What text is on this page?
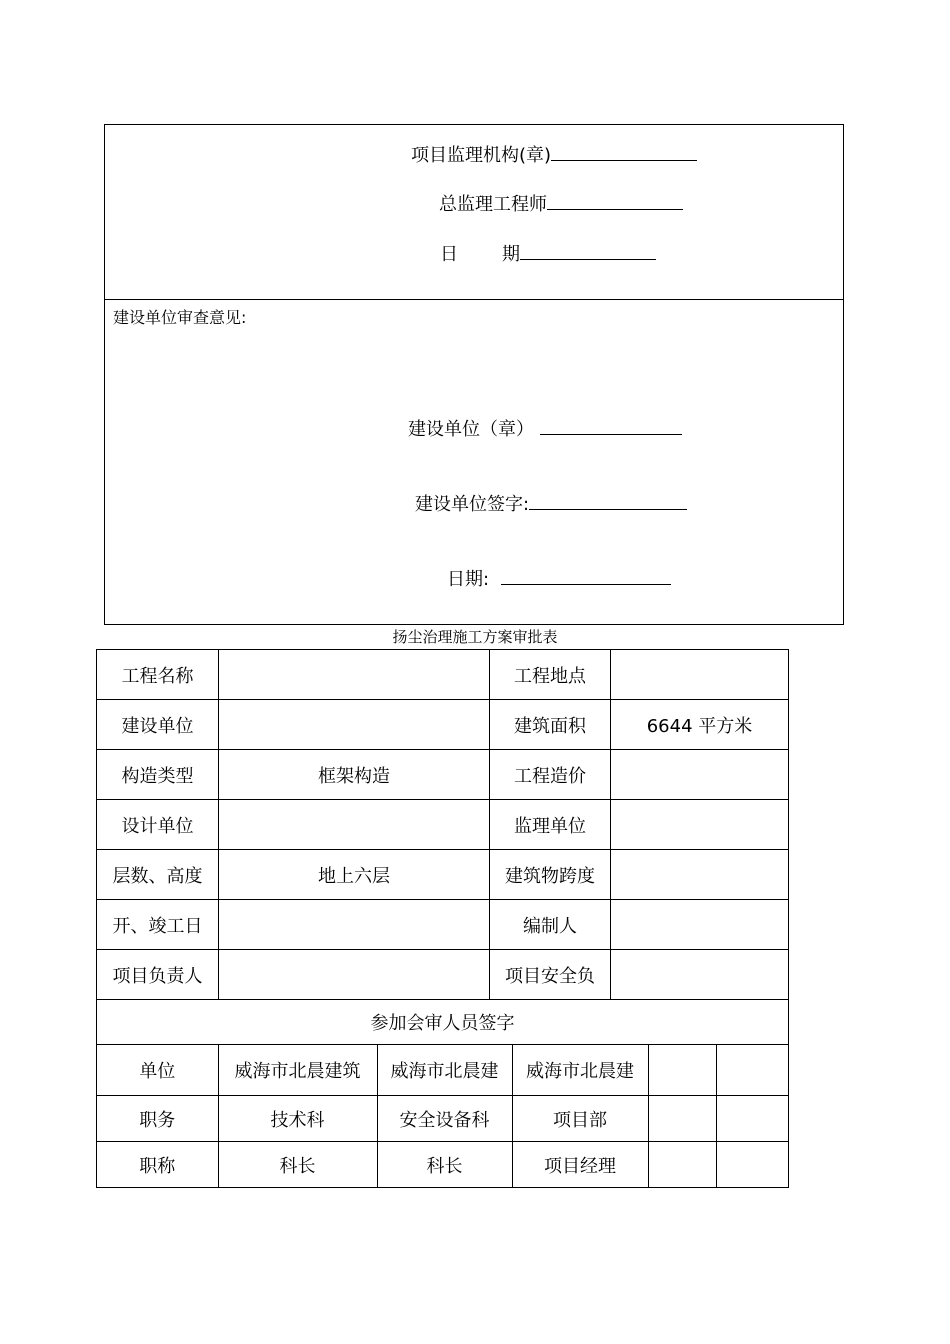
项目监理机构(章)
总监理工程师
日 期
建设单位审查意见:
建设单位（章）
建设单位签字:
日期:
扬尘治理施工方案审批表
工程名称		工程地点	
建设单位		建筑面积	6644 平方米
构造类型	框架构造	工程造价	
设计单位		监理单位	
层数、高度	地上六层	建筑物跨度	
开、竣工日		编制人	
项目负责人		项目安全负	
参加会审人员签字

单位	威海市北晨建筑	威海市北晨建	威海市北晨建		
职务	技术科	安全设备科	项目部		
职称	科长	科长	项目经理		
